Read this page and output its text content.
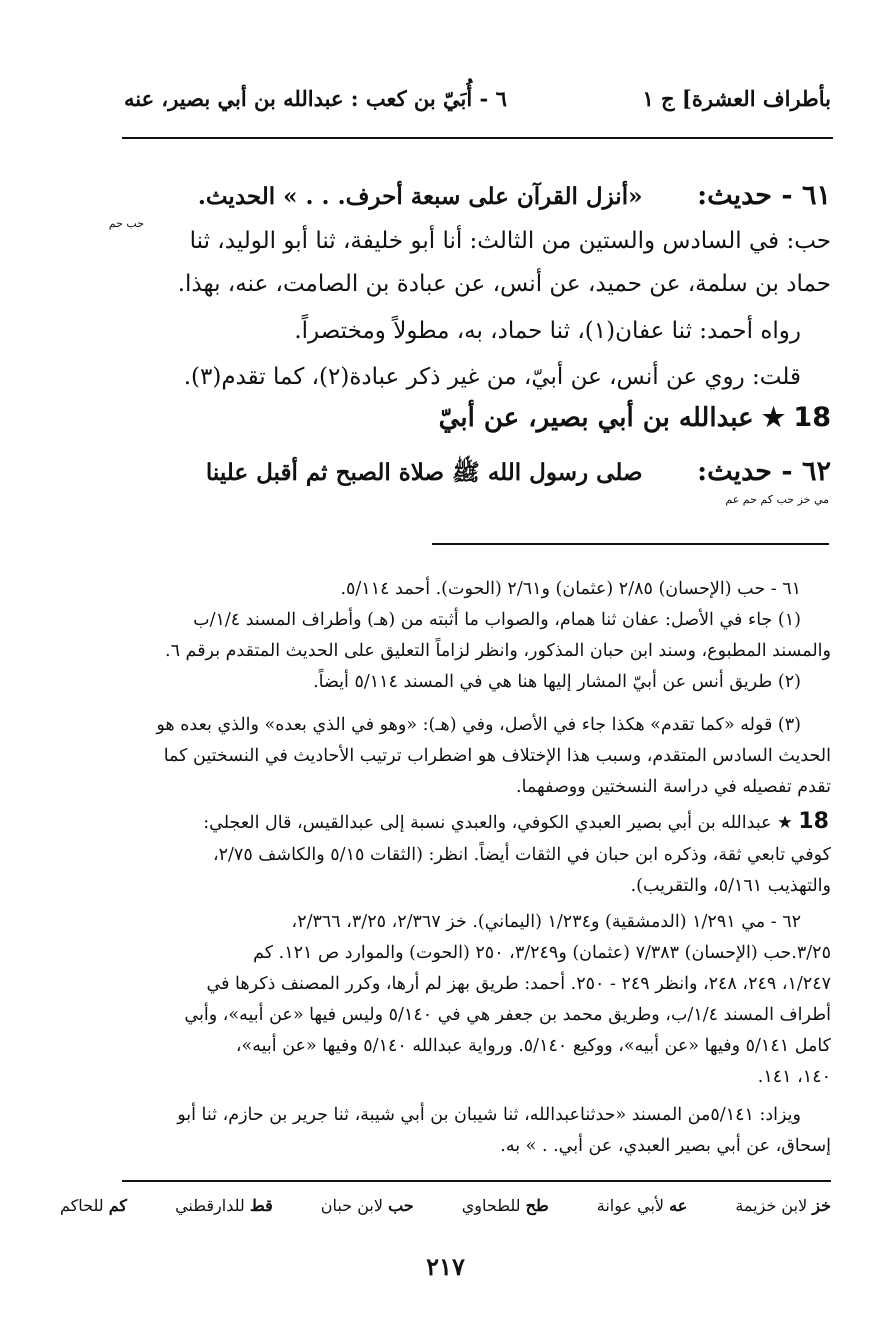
بأطراف العشرة] ج ١
٦ - أُبَيّ بن كعب : عبدالله بن أبي بصير، عنه
٦١ - حديث:  «أنزل القرآن على سبعة أحرف. . . » الحديث.
حب حم
حب: في السادس والستين من الثالث: أنا أبو خليفة، ثنا أبو الوليد، ثنا
حماد بن سلمة، عن حميد، عن أنس، عن عبادة بن الصامت، عنه، بهذا.
رواه أحمد: ثنا عفان(١)، ثنا حماد، به، مطولاً ومختصراً.
قلت: روي عن أنس، عن أبيّ، من غير ذكر عبادة(٢)، كما تقدم(٣).
18 ★ عبدالله بن أبي بصير، عن أبيّ
٦٢ - حديث:  صلى رسول الله ﷺ صلاة الصبح ثم أقبل علينا
مي خز حب كم حم عم
٦١ - حب (الإحسان) ٢/٨٥ (عثمان) و٢/٦١ (الحوت). أحمد ٥/١١٤.
(١) جاء في الأصل: عفان ثنا همام، والصواب ما أثبته من (هـ) وأطراف المسند ١/٤/ب
والمسند المطبوع، وسند ابن حبان المذكور، وانظر لزاماً التعليق على الحديث المتقدم برقم ٦.
(٢) طريق أنس عن أبيّ المشار إليها هنا هي في المسند ٥/١١٤ أيضاً.
(٣) قوله «كما تقدم» هكذا جاء في الأصل، وفي (هـ): «وهو في الذي بعده» والذي بعده هو
الحديث السادس المتقدم، وسبب هذا الإختلاف هو اضطراب ترتيب الأحاديث في النسختين كما
تقدم تفصيله في دراسة النسختين ووصفهما.
18 ★ عبدالله بن أبي بصير العبدي الكوفي، والعبدي نسبة إلى عبدالقيس، قال العجلي:
كوفي تابعي ثقة، وذكره ابن حبان في الثقات أيضاً. انظر: (الثقات ٥/١٥ والكاشف ٢/٧٥،
والتهذيب ٥/١٦١، والتقريب).
٦٢ - مي ١/٢٩١ (الدمشقية) و١/٢٣٤ (اليماني). خز ٢/٣٦٧، ٣/٢٥، ٢/٣٦٦،
٣/٢٥.حب (الإحسان) ٧/٣٨٣ (عثمان) و٣/٢٤٩، ٢٥٠ (الحوت) والموارد ص ١٢١. كم
١/٢٤٧، ٢٤٩، ٢٤٨، وانظر ٢٤٩ - ٢٥٠. أحمد: طريق بهز لم أرها، وكرر المصنف ذكرها في
أطراف المسند ١/٤/ب، وطريق محمد بن جعفر هي في ٥/١٤٠ وليس فيها «عن أبيه»، وأبي
كامل ٥/١٤١ وفيها «عن أبيه»، ووكيع ٥/١٤٠. ورواية عبدالله ٥/١٤٠ وفيها «عن أبيه»،
١٤٠، ١٤١.
ويزاد: ٥/١٤١من المسند «حدثناعبدالله، ثنا شيبان بن أبي شيبة، ثنا جرير بن حازم، ثنا أبو
إسحاق، عن أبي بصير العبدي، عن أبي. . » به.
خز لابن خزيمة
عه لأبي عوانة
طح للطحاوي
حب لابن حبان
قط للدارقطني
كم للحاكم
٢١٧
